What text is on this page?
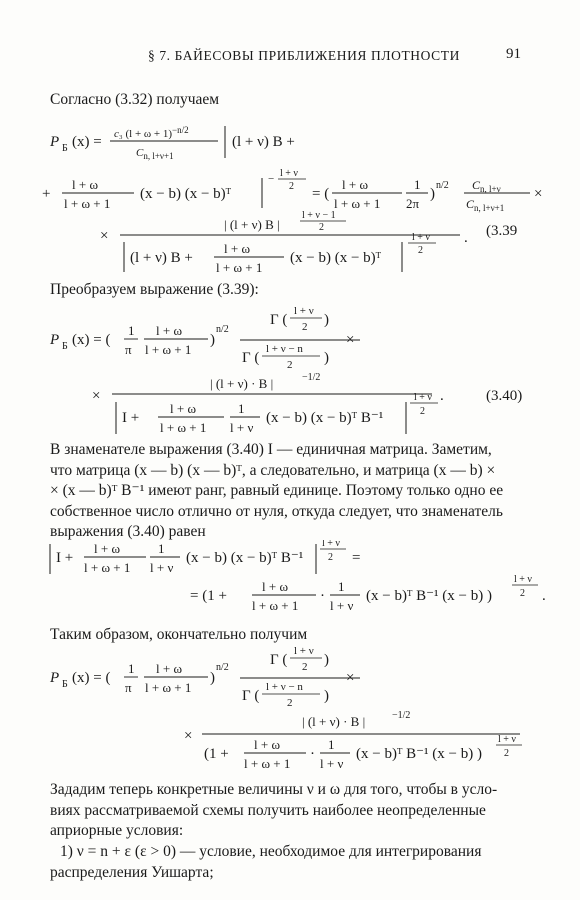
§ 7. БАЙЕСОВЫ ПРИБЛИЖЕНИЯ ПЛОТНОСТИ	91
Согласно (3.32) получаем
P Б (x) = c₃ $(l + \omega + 1)^{-n/2}$
$C_{n, l+\nu+1}$
(l + ν) B +
+
l + ω
l + ω + 1
(x − b) (x − b)ᵀ
− l + ν
2 = (
l + ω
l + ω + 1
1
2π
)
n/2 $C_{n, l+\nu}$
$C_{n, l+\nu+1}$
×
×
| (l + ν) B |
l + ν − 1
2
(l + ν) B +
l + ω
l + ω + 1
(x − b) (x − b)ᵀ
l + ν
2
. (3.39
Преобразуем выражение (3.39):
P Б (x) = (
1
π
l + ω
l + ω + 1
)
n/2
Γ (
l + ν
2 )
Γ (
l + ν − n
2 )
×
×
| (l + ν) · B |	−1/2
I +
l + ω
l + ω + 1
1
l + ν
(x − b) (x − b)ᵀ B⁻¹
l + ν
2
.	(3.40)
В знаменателе выражения (3.40) I — единичная матрица. Заметим,
что матрица (x — b) (x — b)ᵀ, а следовательно, и матрица (x — b) ×
× (x — b)ᵀ B⁻¹ имеют ранг, равный единице. Поэтому только одно ее
собственное число отлично от нуля, откуда следует, что знаменатель
выражения (3.40) равен
I +
l + ω
l + ω + 1
1
l + ν
(x − b) (x − b)ᵀ B⁻¹
l + ν
2 =
= (1 +
l + ω
l + ω + 1
·
1
l + ν
(x − b)ᵀ B⁻¹ (x − b) )
l + ν
2 .
Таким образом, окончательно получим
P Б (x) = (
1
π
l + ω
l + ω + 1
)
n/2	Γ (
l + ν
2 )
Γ (
l + ν − n
2 )
×
×
| (l + ν) · B |	−1/2
(1 +
l + ω
l + ω + 1
·
1
l + ν
(x − b)ᵀ B⁻¹ (x − b) )
l + ν
2
Зададим теперь конкретные величины ν и ω для того, чтобы в усло-
виях рассматриваемой схемы получить наиболее неопределенные
априорные условия:
1) ν = n + ε (ε > 0) — условие, необходимое для интегрирования
распределения Уишарта;
